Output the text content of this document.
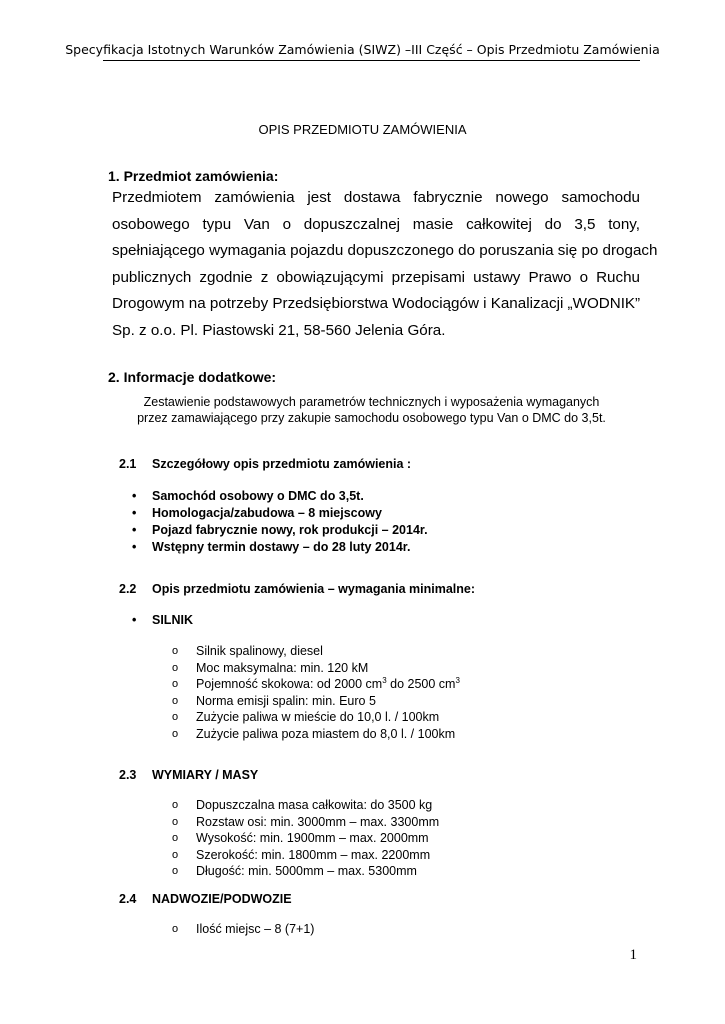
Specyfikacja Istotnych Warunków Zamówienia (SIWZ) –III Część – Opis Przedmiotu Zamówienia
OPIS PRZEDMIOTU ZAMÓWIENIA
1. Przedmiot zamówienia:
Przedmiotem zamówienia jest dostawa fabrycznie nowego samochodu
osobowego typu Van o dopuszczalnej masie całkowitej do 3,5 tony,
spełniającego wymagania pojazdu dopuszczonego do poruszania się po drogach
publicznych zgodnie z obowiązującymi przepisami ustawy Prawo o Ruchu
Drogowym na potrzeby Przedsiębiorstwa Wodociągów i Kanalizacji „WODNIK”
Sp. z o.o. Pl. Piastowski 21, 58-560 Jelenia Góra.
2. Informacje dodatkowe:
Zestawienie podstawowych parametrów technicznych i wyposażenia wymaganych
przez zamawiającego przy zakupie samochodu osobowego typu Van o DMC do 3,5t.
2.1 Szczegółowy opis przedmiotu zamówienia :
• Samochód osobowy o DMC do 3,5t.
• Homologacja/zabudowa – 8 miejscowy
• Pojazd fabrycznie nowy, rok produkcji – 2014r.
• Wstępny termin dostawy – do 28 luty 2014r.
2.2 Opis przedmiotu zamówienia – wymagania minimalne:
• SILNIK
o Silnik spalinowy, diesel
o Moc maksymalna: min. 120 kM
o Pojemność skokowa: od 2000 $cm^3$ do 2500 $cm^3$
o Norma emisji spalin: min. Euro 5
o Zużycie paliwa w mieście do 10,0 l. / 100km
o Zużycie paliwa poza miastem do 8,0 l. / 100km
2.3 WYMIARY / MASY
o Dopuszczalna masa całkowita: do 3500 kg
o Rozstaw osi: min. 3000mm – max. 3300mm
o Wysokość: min. 1900mm – max. 2000mm
o Szerokość: min. 1800mm – max. 2200mm
o Długość: min. 5000mm – max. 5300mm
2.4 NADWOZIE/PODWOZIE
o Ilość miejsc – 8 (7+1)
1
